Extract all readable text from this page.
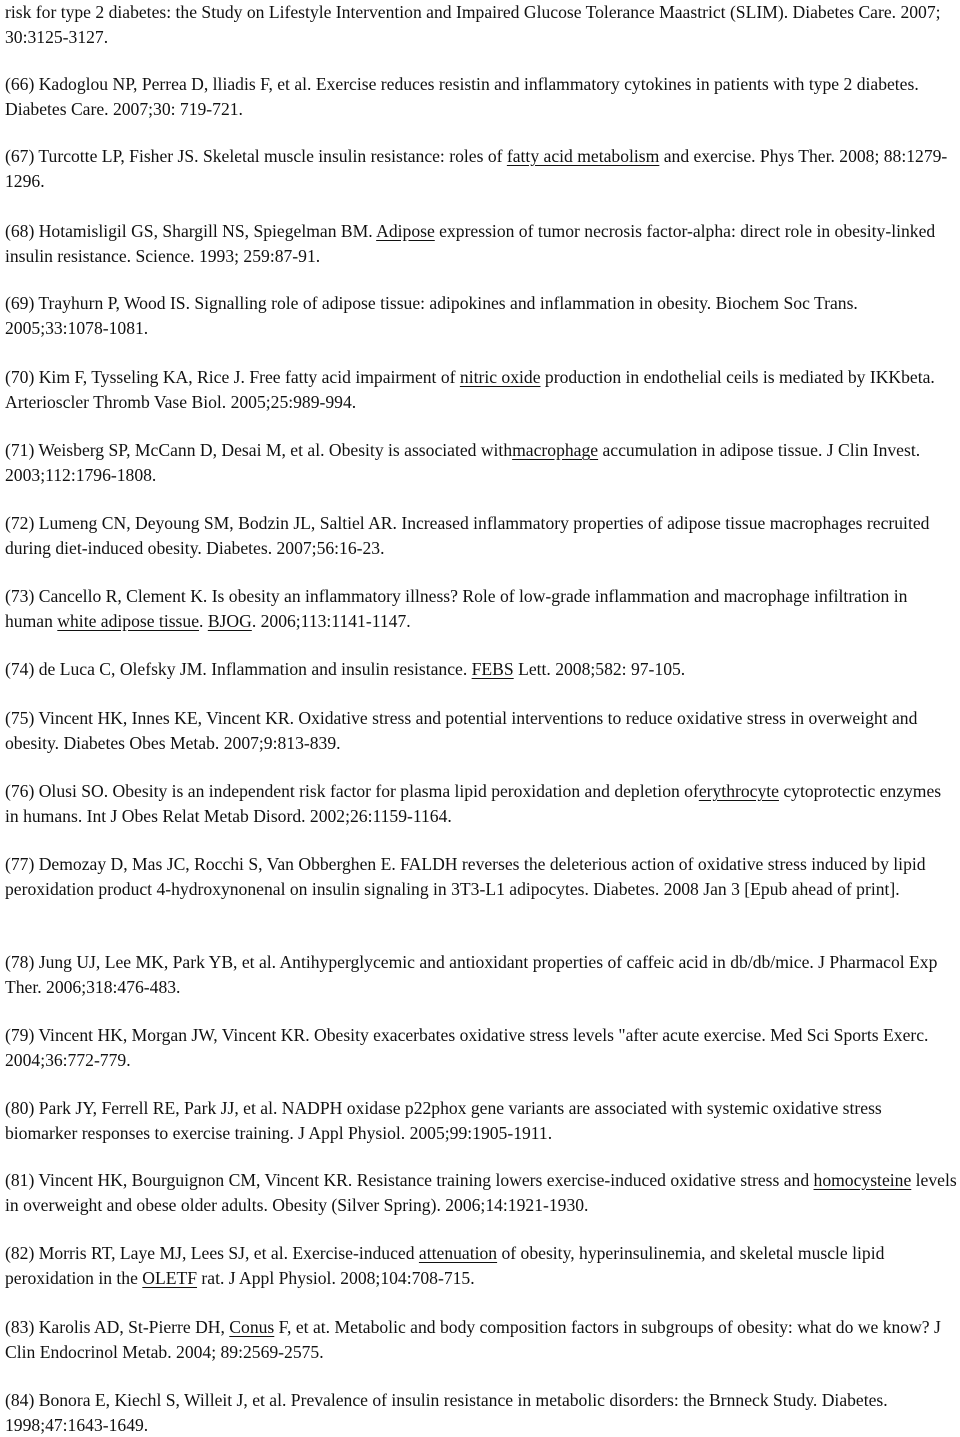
risk for type 2 diabetes: the Study on Lifestyle Intervention and Impaired Glucose Tolerance Maastrict (SLIM). Diabetes Care. 2007; 30:3125-3127.
(66) Kadoglou NP, Perrea D, lliadis F, et al. Exercise reduces resistin and inflammatory cytokines in patients with type 2 diabetes. Diabetes Care. 2007;30: 719-721.
(67) Turcotte LP, Fisher JS. Skeletal muscle insulin resistance: roles of fatty acid metabolism and exercise. Phys Ther. 2008; 88:1279-1296.
(68) Hotamisligil GS, Shargill NS, Spiegelman BM. Adipose expression of tumor necrosis factor-alpha: direct role in obesity-linked insulin resistance. Science. 1993; 259:87-91.
(69) Trayhurn P, Wood IS. Signalling role of adipose tissue: adipokines and inflammation in obesity. Biochem Soc Trans. 2005;33:1078-1081.
(70) Kim F, Tysseling KA, Rice J. Free fatty acid impairment of nitric oxide production in endothelial ceils is mediated by IKKbeta. Arterioscler Thromb Vase Biol. 2005;25:989-994.
(71) Weisberg SP, McCann D, Desai M, et al. Obesity is associated withmacrophage accumulation in adipose tissue. J Clin Invest. 2003;112:1796-1808.
(72) Lumeng CN, Deyoung SM, Bodzin JL, Saltiel AR. Increased inflammatory properties of adipose tissue macrophages recruited during diet-induced obesity. Diabetes. 2007;56:16-23.
(73) Cancello R, Clement K. Is obesity an inflammatory illness? Role of low-grade inflammation and macrophage infiltration in human white adipose tissue. BJOG. 2006;113:1141-1147.
(74) de Luca C, Olefsky JM. Inflammation and insulin resistance. FEBS Lett. 2008;582: 97-105.
(75) Vincent HK, Innes KE, Vincent KR. Oxidative stress and potential interventions to reduce oxidative stress in overweight and obesity. Diabetes Obes Metab. 2007;9:813-839.
(76) Olusi SO. Obesity is an independent risk factor for plasma lipid peroxidation and depletion oferythrocyte cytoprotectic enzymes in humans. Int J Obes Relat Metab Disord. 2002;26:1159-1164.
(77) Demozay D, Mas JC, Rocchi S, Van Obberghen E. FALDH reverses the deleterious action of oxidative stress induced by lipid peroxidation product 4-hydroxynonenal on insulin signaling in 3T3-L1 adipocytes. Diabetes. 2008 Jan 3 [Epub ahead of print].
(78) Jung UJ, Lee MK, Park YB, et al. Antihyperglycemic and antioxidant properties of caffeic acid in db/db/mice. J Pharmacol Exp Ther. 2006;318:476-483.
(79) Vincent HK, Morgan JW, Vincent KR. Obesity exacerbates oxidative stress levels "after acute exercise. Med Sci Sports Exerc. 2004;36:772-779.
(80) Park JY, Ferrell RE, Park JJ, et al. NADPH oxidase p22phox gene variants are associated with systemic oxidative stress biomarker responses to exercise training. J Appl Physiol. 2005;99:1905-1911.
(81) Vincent HK, Bourguignon CM, Vincent KR. Resistance training lowers exercise-induced oxidative stress and homocysteine levels in overweight and obese older adults. Obesity (Silver Spring). 2006;14:1921-1930.
(82) Morris RT, Laye MJ, Lees SJ, et al. Exercise-induced attenuation of obesity, hyperinsulinemia, and skeletal muscle lipid peroxidation in the OLETF rat. J Appl Physiol. 2008;104:708-715.
(83) Karolis AD, St-Pierre DH, Conus F, et at. Metabolic and body composition factors in subgroups of obesity: what do we know? J Clin Endocrinol Metab. 2004; 89:2569-2575.
(84) Bonora E, Kiechl S, Willeit J, et al. Prevalence of insulin resistance in metabolic disorders: the Brnneck Study. Diabetes. 1998;47:1643-1649.
